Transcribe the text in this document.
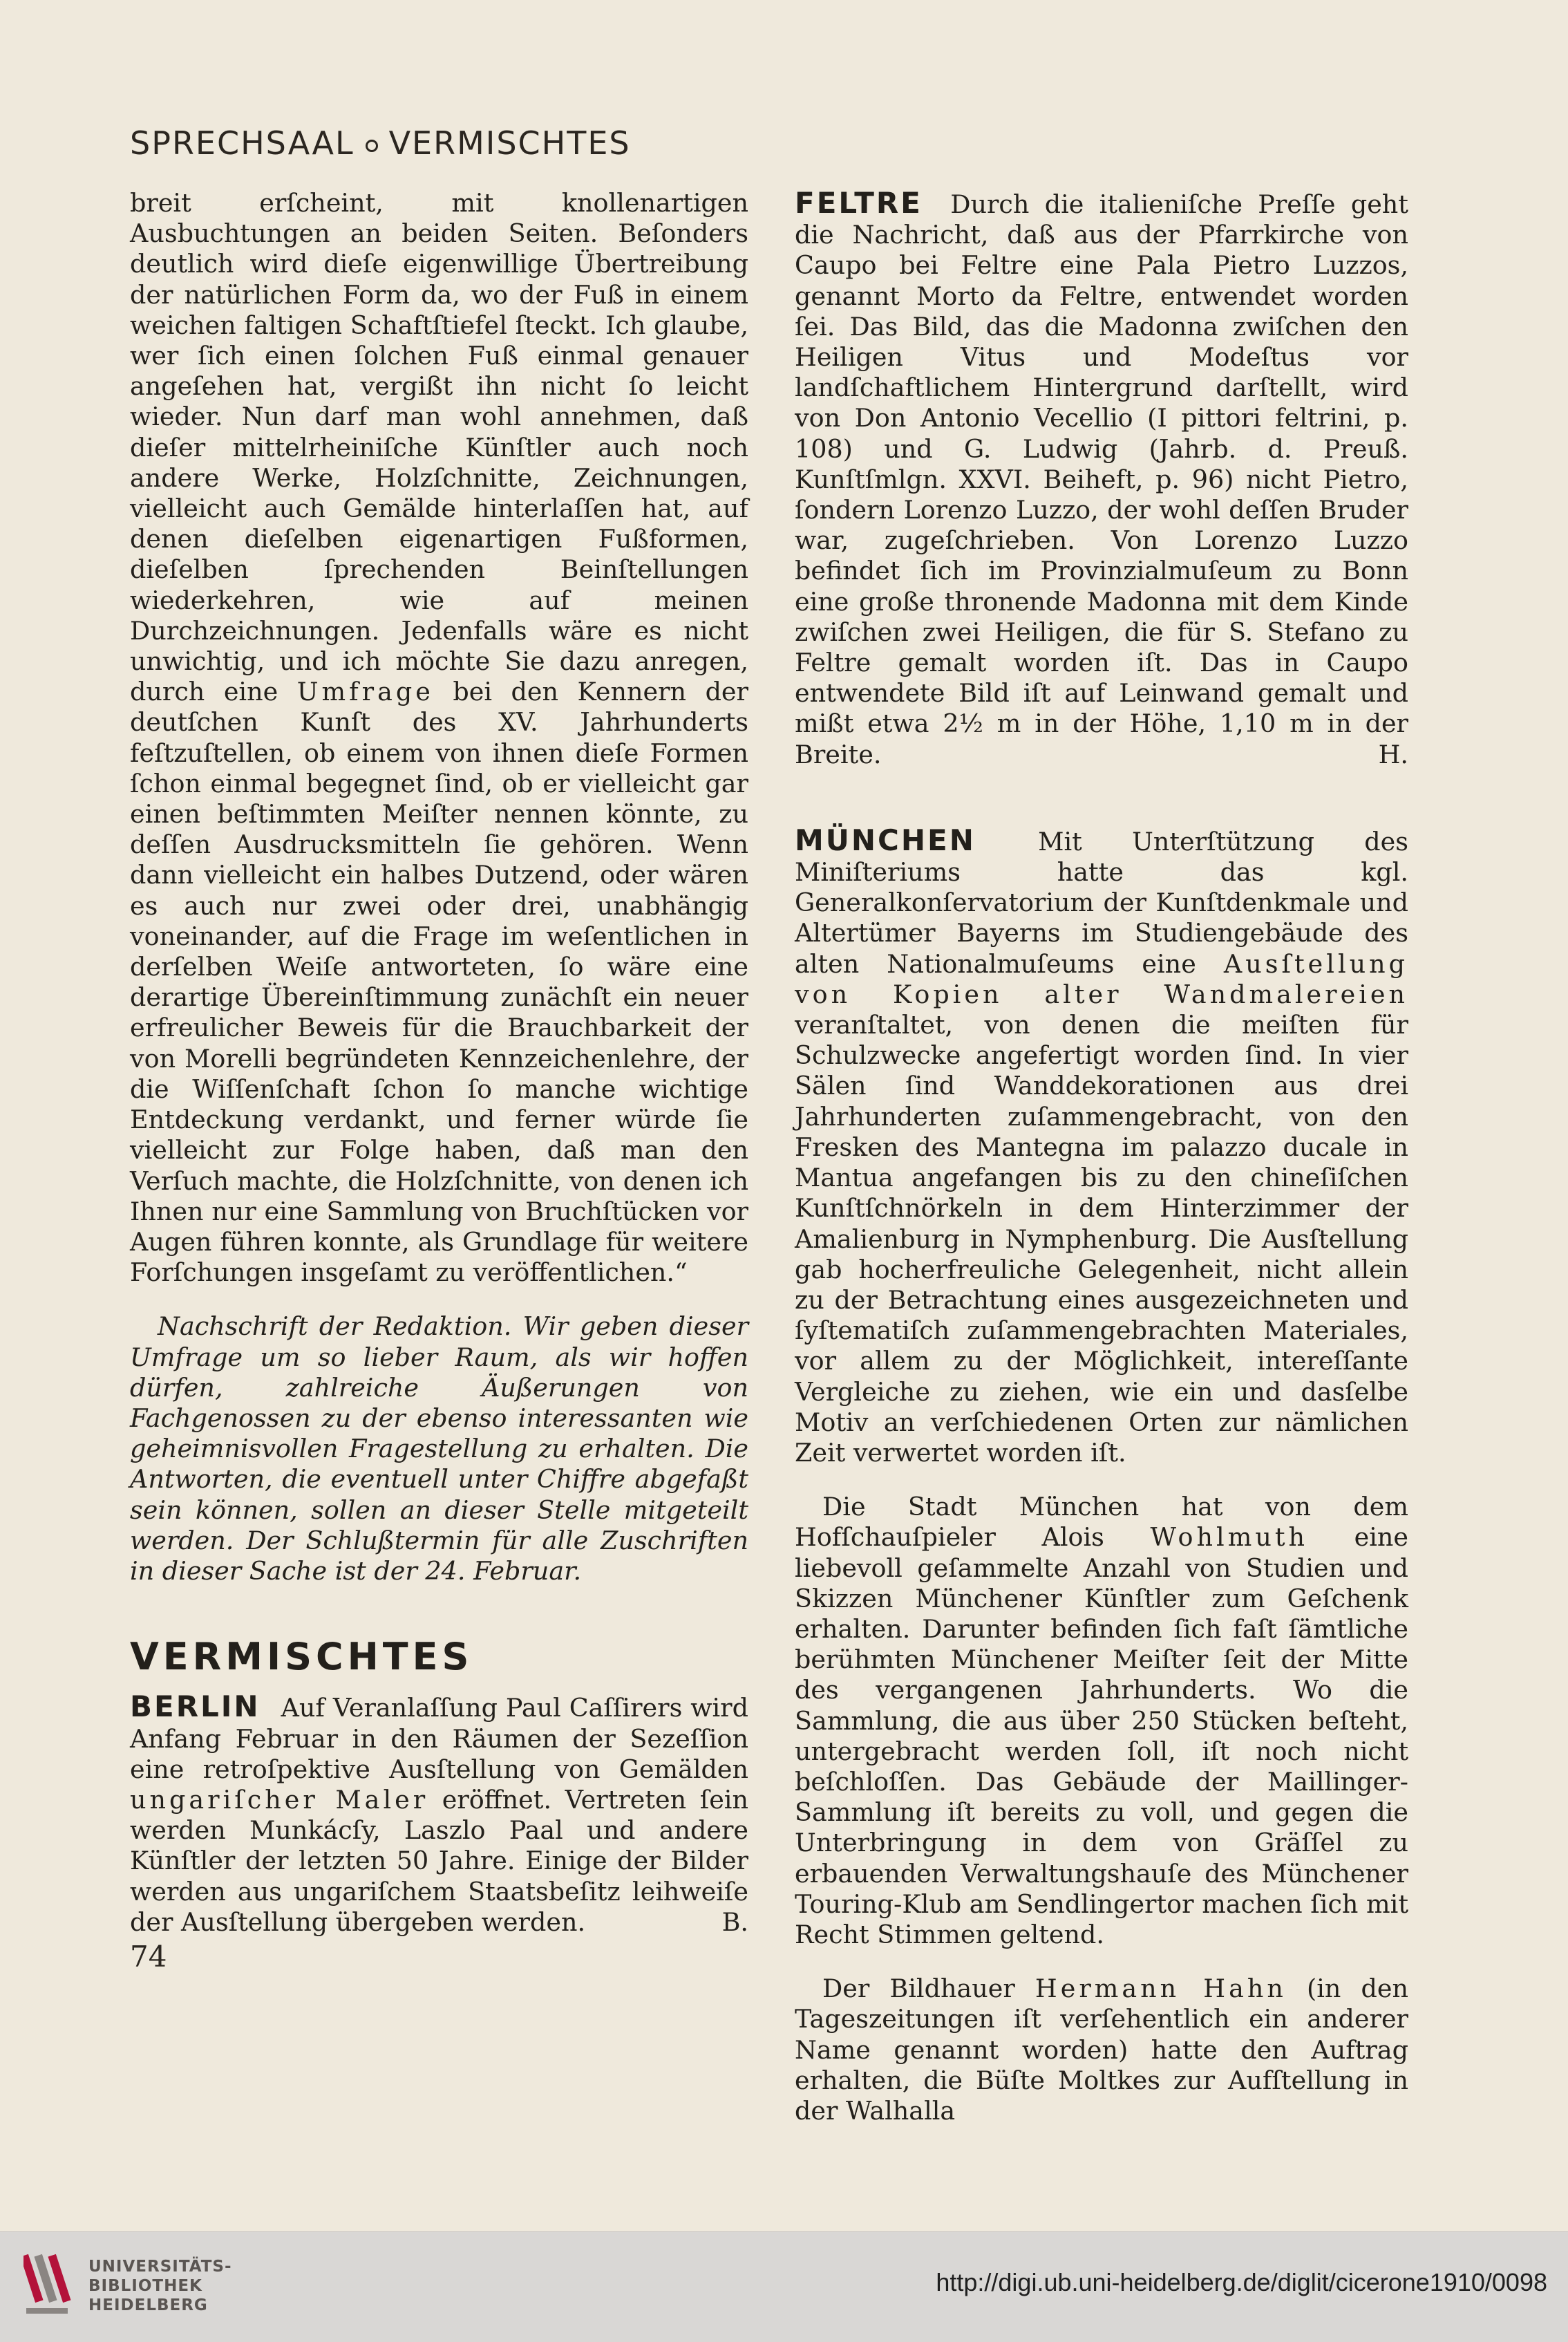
SPRECHSAAL VERMISCHTES

breit erſcheint, mit knollenartigen Ausbuchtungen an beiden Seiten. Beſonders deutlich wird dieſe eigenwillige Übertreibung der natürlichen Form da, wo der Fuß in einem weichen faltigen Schaftſtiefel ſteckt. Ich glaube, wer ſich einen ſolchen Fuß einmal genauer angeſehen hat, vergißt ihn nicht ſo leicht wieder. Nun darf man wohl annehmen, daß dieſer mittelrheiniſche Künſtler auch noch andere Werke, Holzſchnitte, Zeichnungen, vielleicht auch Gemälde hinterlaſſen hat, auf denen dieſelben eigenartigen Fußformen, dieſelben ſprechenden Beinſtellungen wiederkehren, wie auf meinen Durchzeichnungen. Jedenfalls wäre es nicht unwichtig, und ich möchte Sie dazu anregen, durch eine Umfrage bei den Kennern der deutſchen Kunſt des XV. Jahrhunderts feſtzuſtellen, ob einem von ihnen dieſe Formen ſchon einmal begegnet ſind, ob er vielleicht gar einen beſtimmten Meiſter nennen könnte, zu deſſen Ausdrucksmitteln ſie gehören. Wenn dann vielleicht ein halbes Dutzend, oder wären es auch nur zwei oder drei, unabhängig voneinander, auf die Frage im weſentlichen in derſelben Weiſe antworteten, ſo wäre eine derartige Übereinſtimmung zunächſt ein neuer erfreulicher Beweis für die Brauchbarkeit der von Morelli begründeten Kennzeichenlehre, der die Wiſſenſchaft ſchon ſo manche wichtige Entdeckung verdankt, und ferner würde ſie vielleicht zur Folge haben, daß man den Verſuch machte, die Holzſchnitte, von denen ich Ihnen nur eine Sammlung von Bruchſtücken vor Augen führen konnte, als Grundlage für weitere Forſchungen insgeſamt zu veröffentlichen.“

Nachschrift der Redaktion. Wir geben dieser Umfrage um so lieber Raum, als wir hoffen dürfen, zahlreiche Äußerungen von Fachgenossen zu der ebenso interessanten wie geheimnisvollen Fragestellung zu erhalten. Die Antworten, die eventuell unter Chiffre abgefaßt sein können, sollen an dieser Stelle mitgeteilt werden. Der Schlußtermin für alle Zuschriften in dieser Sache ist der 24. Februar.

VERMISCHTES

BERLIN Auf Veranlaſſung Paul Caſſirers wird Anfang Februar in den Räumen der Sezeſſion eine retroſpektive Ausſtellung von Gemälden ungariſcher Maler eröffnet. Vertreten ſein werden Munkácſy, Laszlo Paal und andere Künſtler der letzten 50 Jahre. Einige der Bilder werden aus ungariſchem Staatsbeſitz leihweiſe der Ausſtellung übergeben werden.	B.

FELTRE Durch die italieniſche Preſſe geht die Nachricht, daß aus der Pfarrkirche von Caupo bei Feltre eine Pala Pietro Luzzos, genannt Morto da Feltre, entwendet worden ſei. Das Bild, das die Madonna zwiſchen den Heiligen Vitus und Modeſtus vor landſchaftlichem Hintergrund darſtellt, wird von Don Antonio Vecellio (I pittori feltrini, p. 108) und G. Ludwig (Jahrb. d. Preuß. Kunſtſmlgn. XXVI. Beiheft, p. 96) nicht Pietro, ſondern Lorenzo Luzzo, der wohl deſſen Bruder war, zugeſchrieben. Von Lorenzo Luzzo befindet ſich im Provinzialmuſeum zu Bonn eine große thronende Madonna mit dem Kinde zwiſchen zwei Heiligen, die für S. Stefano zu Feltre gemalt worden iſt. Das in Caupo entwendete Bild iſt auf Leinwand gemalt und mißt etwa 2½ m in der Höhe, 1,10 m in der Breite.	H.

MÜNCHEN Mit Unterſtützung des Miniſteriums hatte das kgl. Generalkonſervatorium der Kunſtdenkmale und Altertümer Bayerns im Studiengebäude des alten Nationalmuſeums eine Ausſtellung von Kopien alter Wandmalereien veranſtaltet, von denen die meiſten für Schulzwecke angefertigt worden ſind. In vier Sälen ſind Wanddekorationen aus drei Jahrhunderten zuſammengebracht, von den Fresken des Mantegna im palazzo ducale in Mantua angefangen bis zu den chineſiſchen Kunſtſchnörkeln in dem Hinterzimmer der Amalienburg in Nymphenburg. Die Ausſtellung gab hocherfreuliche Gelegenheit, nicht allein zu der Betrachtung eines ausgezeichneten und ſyſtematiſch zuſammengebrachten Materiales, vor allem zu der Möglichkeit, intereſſante Vergleiche zu ziehen, wie ein und dasſelbe Motiv an verſchiedenen Orten zur nämlichen Zeit verwertet worden iſt.

Die Stadt München hat von dem Hofſchauſpieler Alois Wohlmuth eine liebevoll geſammelte Anzahl von Studien und Skizzen Münchener Künſtler zum Geſchenk erhalten. Darunter befinden ſich faſt ſämtliche berühmten Münchener Meiſter ſeit der Mitte des vergangenen Jahrhunderts. Wo die Sammlung, die aus über 250 Stücken beſteht, untergebracht werden ſoll, iſt noch nicht beſchloſſen. Das Gebäude der Maillinger-Sammlung iſt bereits zu voll, und gegen die Unterbringung in dem von Gräſſel zu erbauenden Verwaltungshauſe des Münchener Touring-Klub am Sendlingertor machen ſich mit Recht Stimmen geltend.

Der Bildhauer Hermann Hahn (in den Tageszeitungen iſt verſehentlich ein anderer Name genannt worden) hatte den Auftrag erhalten, die Büſte Moltkes zur Aufſtellung in der Walhalla

74
UNIVERSITÄTS-
BIBLIOTHEK
HEIDELBERG
http://digi.ub.uni-heidelberg.de/diglit/cicerone1910/0098
